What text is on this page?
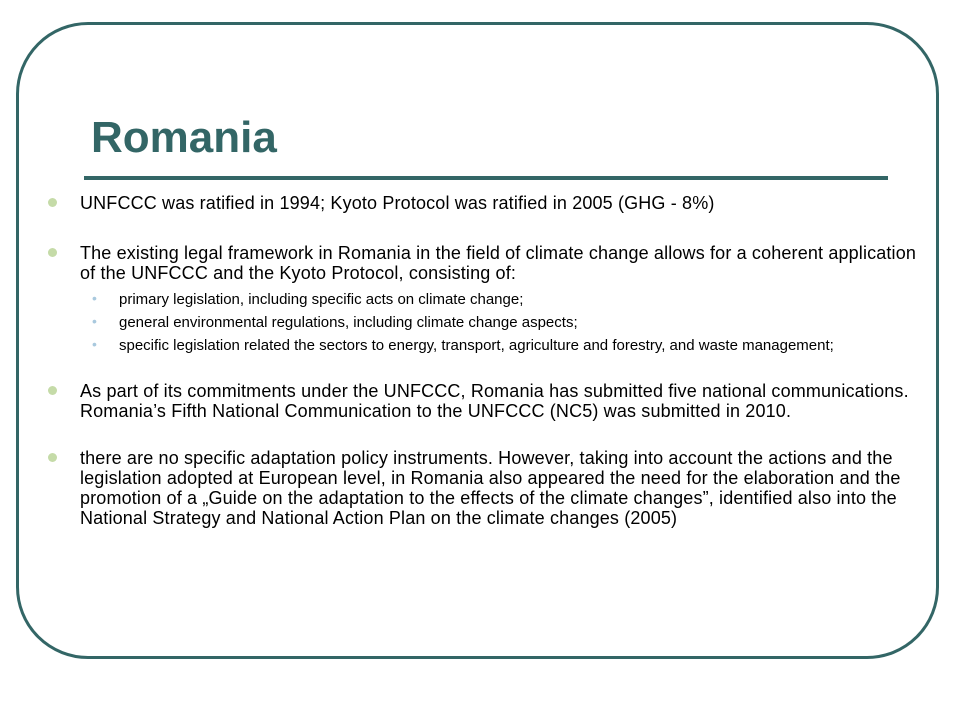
Romania
UNFCCC was ratified in 1994; Kyoto Protocol was ratified in 2005 (GHG - 8%)
The existing legal framework in Romania in the field of climate change allows for a coherent application of the UNFCCC and the Kyoto Protocol, consisting of:
• primary legislation, including specific acts on climate change;
• general environmental regulations, including climate change aspects;
• specific legislation related the sectors to energy, transport, agriculture and forestry, and waste management;
As part of its commitments under the UNFCCC, Romania has submitted five national communications. Romania’s Fifth National Communication to the UNFCCC (NC5) was submitted in 2010.
there are no specific adaptation policy instruments. However, taking into account the actions and the legislation adopted at European level, in Romania also appeared the need for the elaboration and the promotion of a „Guide on the adaptation to the effects of the climate changes”, identified also into the National Strategy and National Action Plan on the climate changes (2005)
